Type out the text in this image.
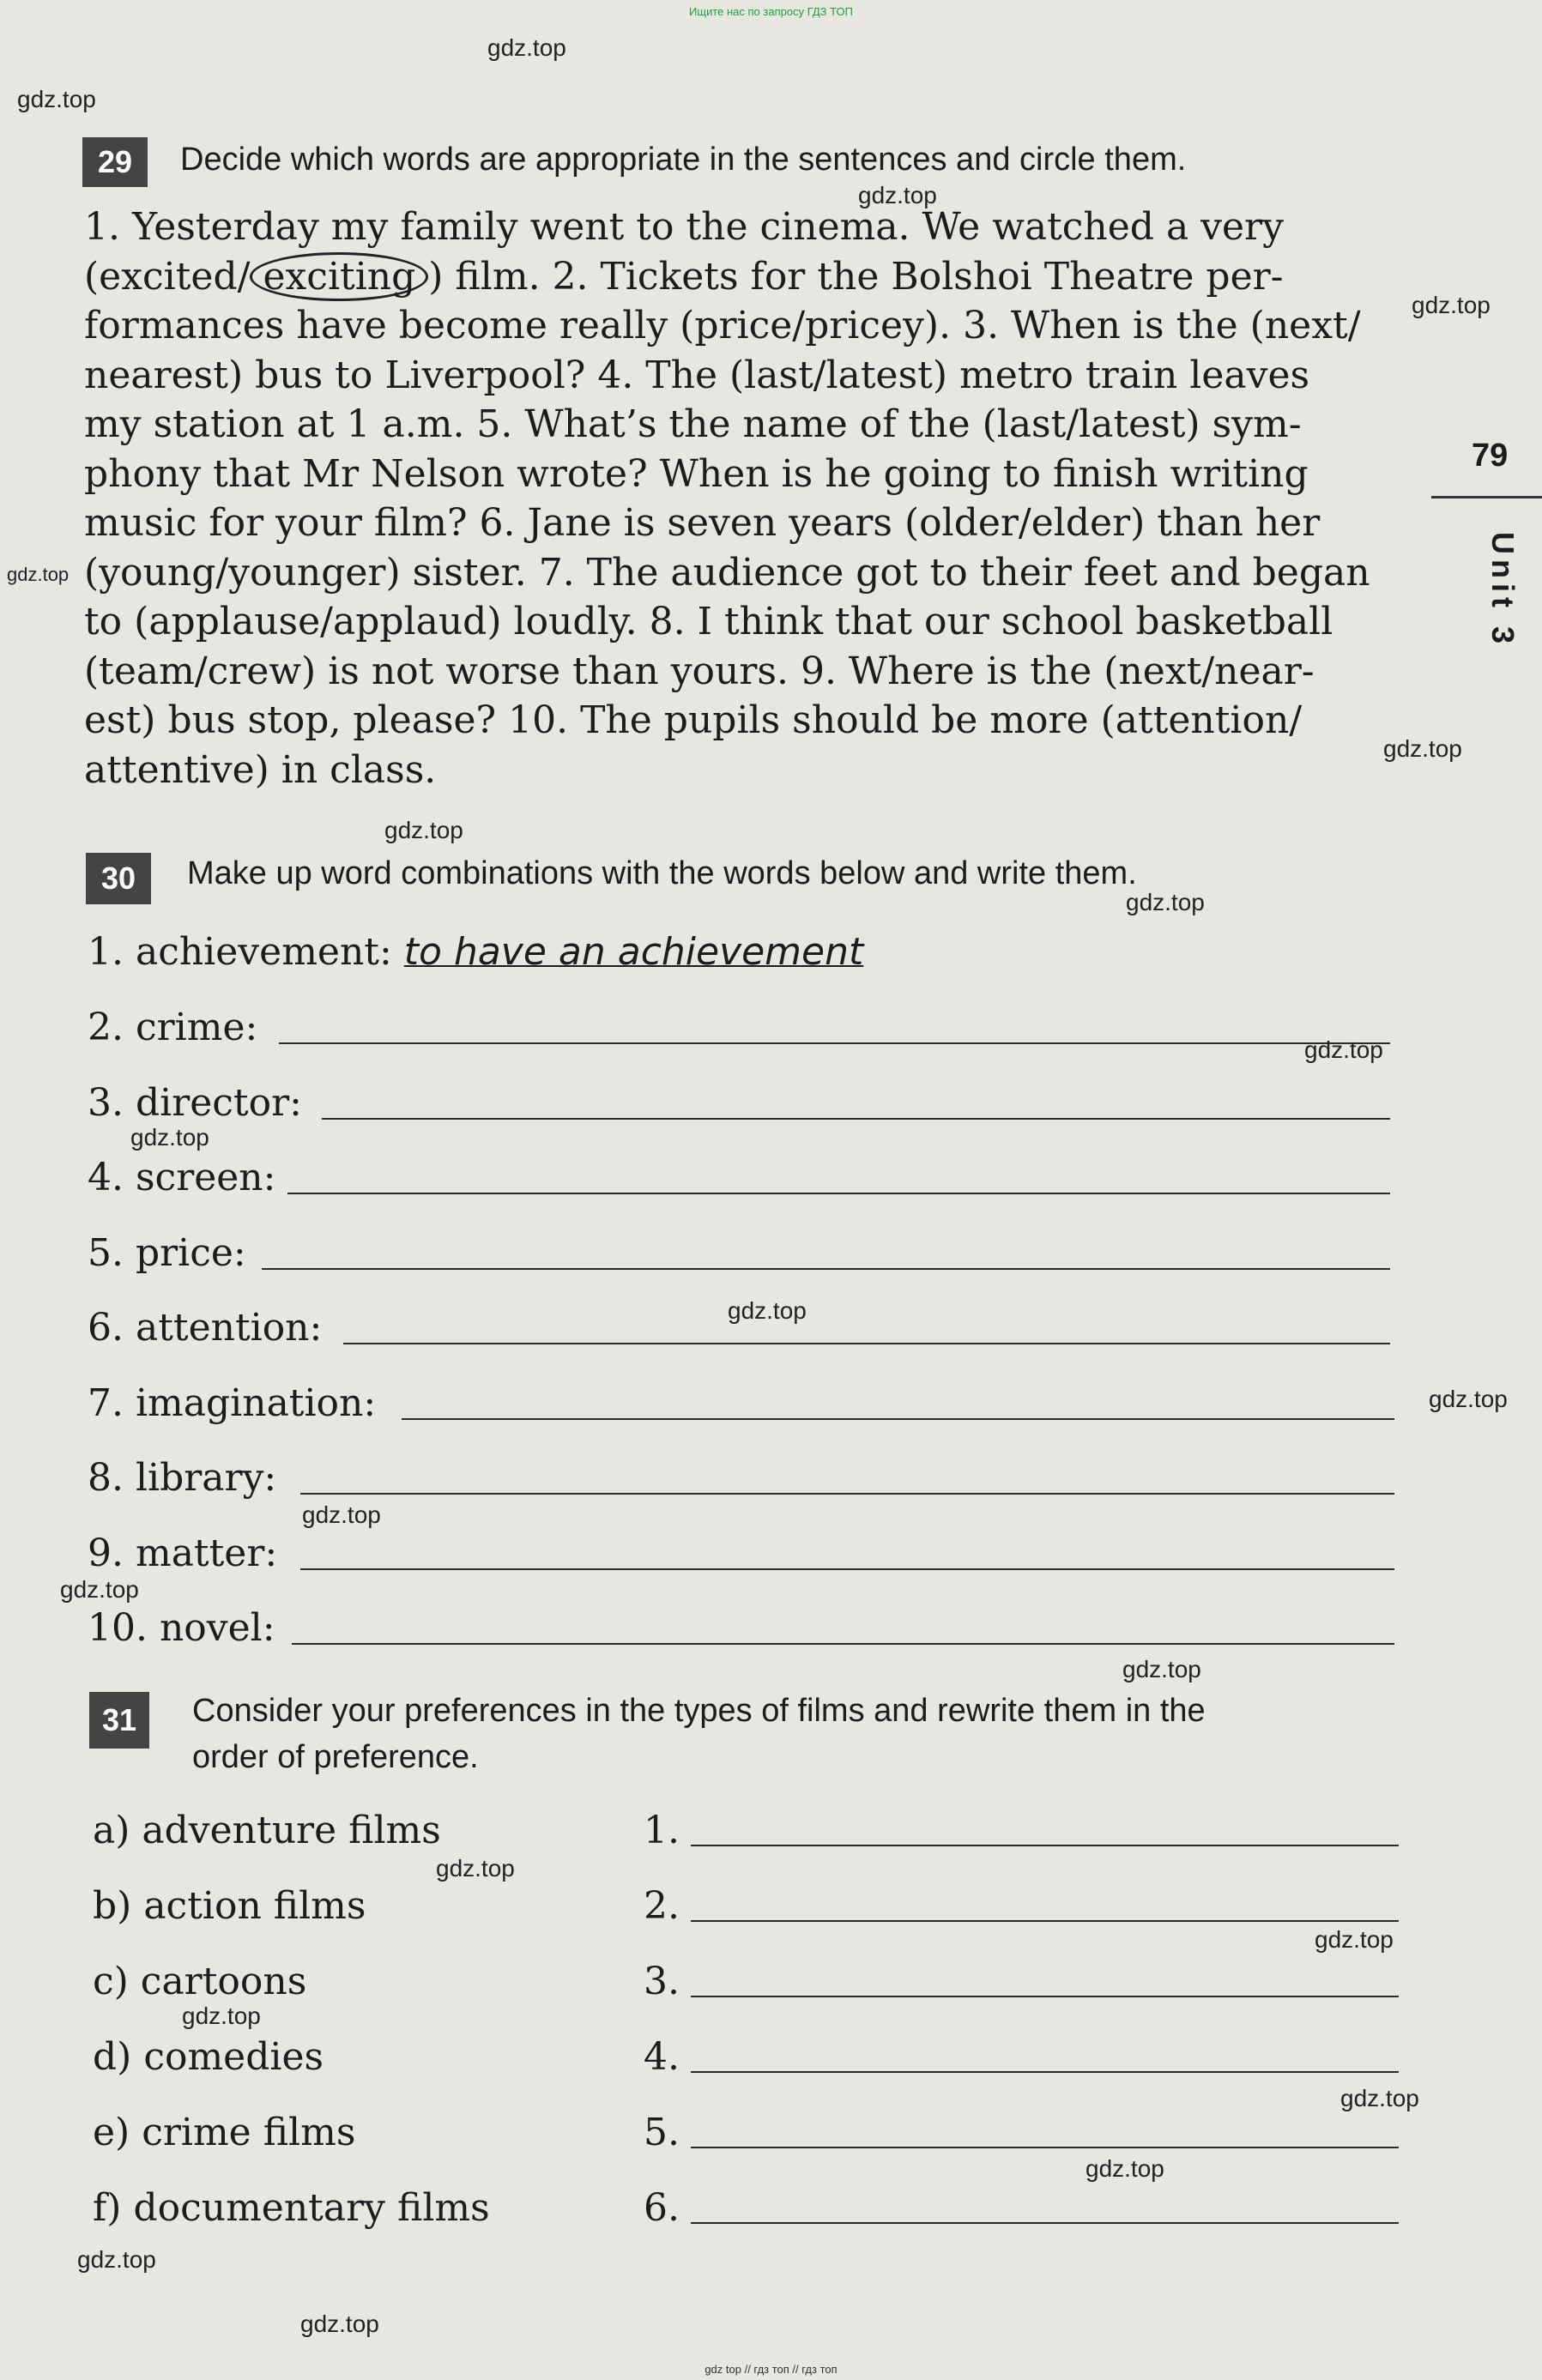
Ищите нас по запросу ГДЗ ТОП
gdz top // гдз топ // гдз топ
79
Unit 3
29	Decide which words are appropriate in the sentences and circle them.
1. Yesterday my family went to the cinema. We watched a very
(excited/ exciting ) film. 2. Tickets for the Bolshoi Theatre per-
formances have become really (price/pricey). 3. When is the (next/
nearest) bus to Liverpool? 4. The (last/latest) metro train leaves
my station at 1 a.m. 5. What’s the name of the (last/latest) sym-
phony that Mr Nelson wrote? When is he going to finish writing
music for your film? 6. Jane is seven years (older/elder) than her
(young/younger) sister. 7. The audience got to their feet and began
to (applause/applaud) loudly. 8. I think that our school basketball
(team/crew) is not worse than yours. 9. Where is the (next/near-
est) bus stop, please? 10. The pupils should be more (attention/
attentive) in class.
30	Make up word combinations with the words below and write them.
1. achievement: to have an achievement
2. crime:
3. director:
4. screen:
5. price:
6. attention:
7. imagination:
8. library:
9. matter:
10. novel:
31	Consider your preferences in the types of films and rewrite them in the
order of preference.
a) adventure films	1.
b) action films	2.
c) cartoons	3.
d) comedies	4.
e) crime films	5.
f) documentary films	6.
gdz.top
gdz.top
gdz.top
gdz.top
gdz.top
gdz.top
gdz.top
gdz.top
gdz.top
gdz.top
gdz.top
gdz.top
gdz.top
gdz.top
gdz.top
gdz.top
gdz.top
gdz.top
gdz.top
gdz.top
gdz.top
gdz.top
